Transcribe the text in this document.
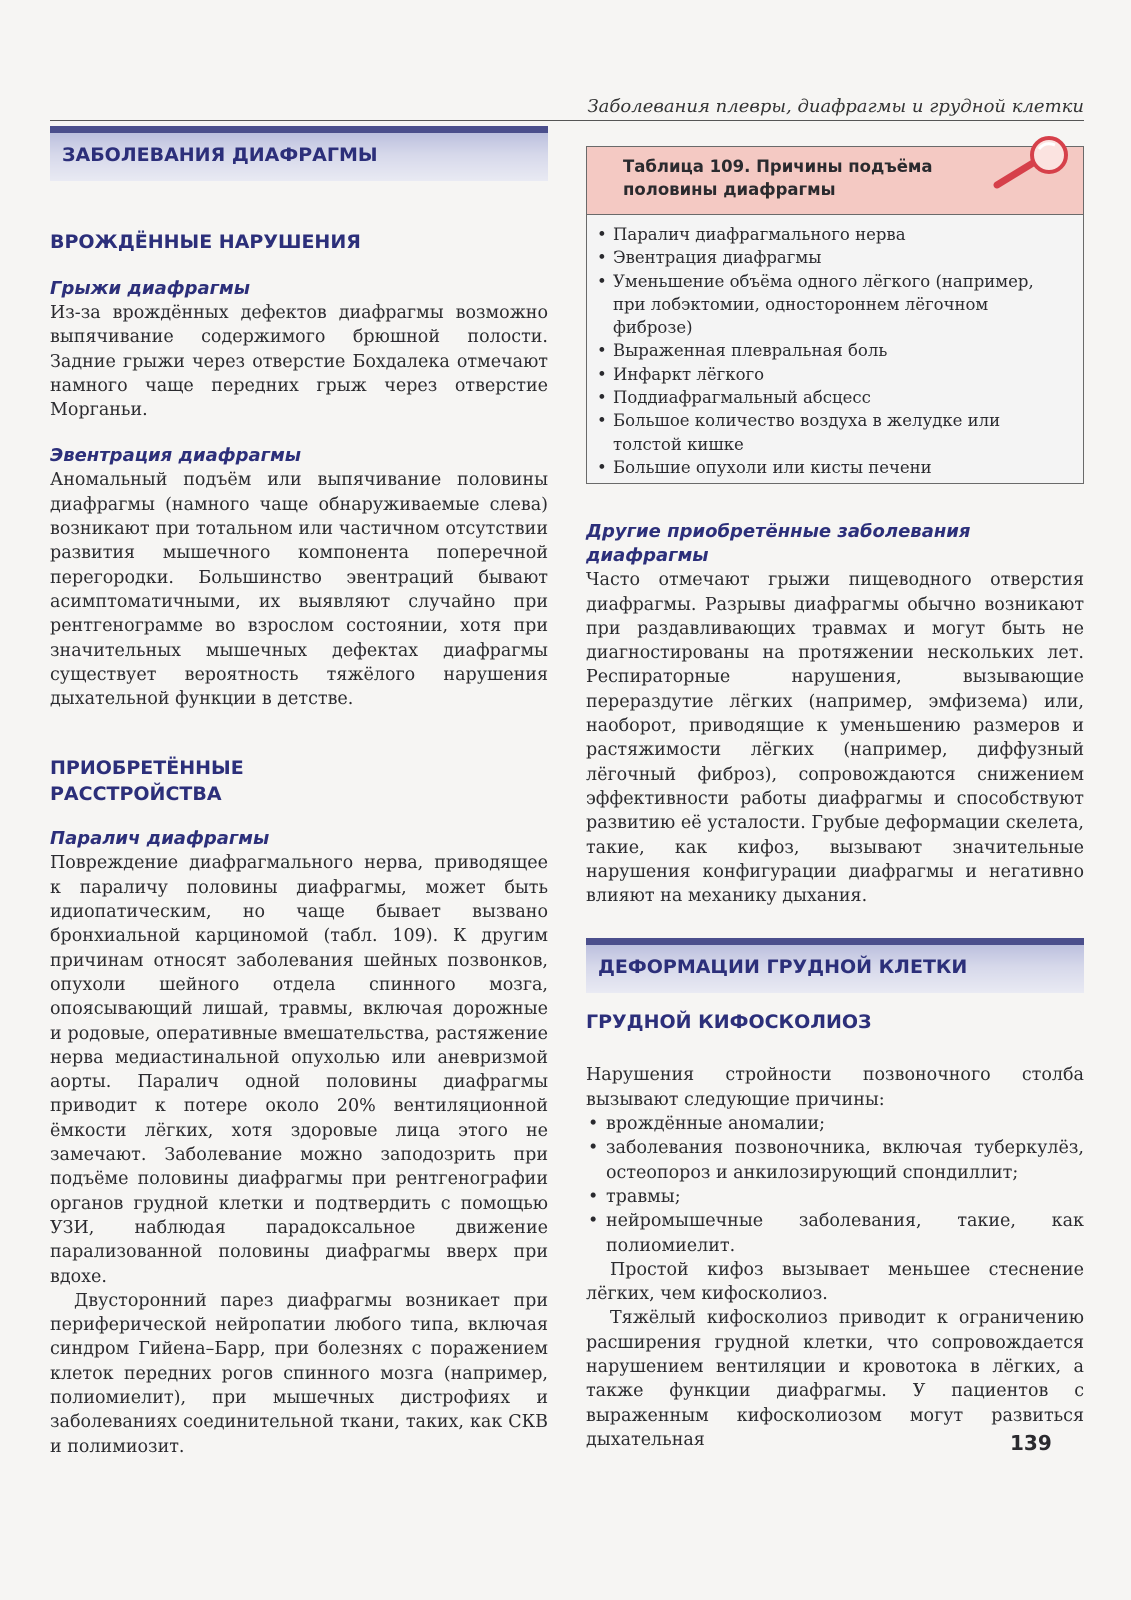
Заболевания плевры, диафрагмы и грудной клетки
ЗАБОЛЕВАНИЯ ДИАФРАГМЫ
ВРОЖДЁННЫЕ НАРУШЕНИЯ
Грыжи диафрагмы

Из-за врождённых дефектов диафрагмы возможно выпячивание содержимого брюшной полости. Задние грыжи через отверстие Бохдалека отмечают намного чаще передних грыж через отверстие Морганьи.

Эвентрация диафрагмы

Аномальный подъём или выпячивание половины диафрагмы (намного чаще обнаруживаемые слева) возникают при тотальном или частичном отсутствии развития мышечного компонента поперечной перегородки. Большинство эвентраций бывают асимптоматичными, их выявляют случайно при рентгенограмме во взрослом состоянии, хотя при значительных мышечных дефектах диафрагмы существует вероятность тяжёлого нарушения дыхательной функции в детстве.

ПРИОБРЕТЁННЫЕ РАССТРОЙСТВА
Паралич диафрагмы

Повреждение диафрагмального нерва, приводящее к параличу половины диафрагмы, может быть идиопатическим, но чаще бывает вызвано бронхиальной карциномой (табл. 109). К другим причинам относят заболевания шейных позвонков, опухоли шейного отдела спинного мозга, опоясывающий лишай, травмы, включая дорожные и родовые, оперативные вмешательства, растяжение нерва медиастинальной опухолью или аневризмой аорты. Паралич одной половины диафрагмы приводит к потере около 20% вентиляционной ёмкости лёгких, хотя здоровые лица этого не замечают. Заболевание можно заподозрить при подъёме половины диафрагмы при рентгенографии органов грудной клетки и подтвердить с помощью УЗИ, наблюдая парадоксальное движение парализованной половины диафрагмы вверх при вдохе.

Двусторонний парез диафрагмы возникает при периферической нейропатии любого типа, включая синдром Гийена–Барр, при болезнях с поражением клеток передних рогов спинного мозга (например, полиомиелит), при мышечных дистрофиях и заболеваниях соединительной ткани, таких, как СКВ и полимиозит.

Таблица 109. Причины подъёма половины диафрагмы
• Паралич диафрагмального нерва
• Эвентрация диафрагмы
• Уменьшение объёма одного лёгкого (например, при лобэктомии, одностороннем лёгочном фиброзе)
• Выраженная плевральная боль
• Инфаркт лёгкого
• Поддиафрагмальный абсцесс
• Большое количество воздуха в желудке или толстой кишке
• Большие опухоли или кисты печени
Другие приобретённые заболевания диафрагмы

Часто отмечают грыжи пищеводного отверстия диафрагмы. Разрывы диафрагмы обычно возникают при раздавливающих травмах и могут быть не диагностированы на протяжении нескольких лет. Респираторные нарушения, вызывающие перераздутие лёгких (например, эмфизема) или, наоборот, приводящие к уменьшению размеров и растяжимости лёгких (например, диффузный лёгочный фиброз), сопровождаются снижением эффективности работы диафрагмы и способствуют развитию её усталости. Грубые деформации скелета, такие, как кифоз, вызывают значительные нарушения конфигурации диафрагмы и негативно влияют на механику дыхания.

ДЕФОРМАЦИИ ГРУДНОЙ КЛЕТКИ
ГРУДНОЙ КИФОСКОЛИОЗ

Нарушения стройности позвоночного столба вызывают следующие причины:

• врождённые аномалии;
• заболевания позвоночника, включая туберкулёз, остеопороз и анкилозирующий спондиллит;
• травмы;
• нейромышечные заболевания, такие, как полиомиелит.

Простой кифоз вызывает меньшее стеснение лёгких, чем кифосколиоз.

Тяжёлый кифосколиоз приводит к ограничению расширения грудной клетки, что сопровождается нарушением вентиляции и кровотока в лёгких, а также функции диафрагмы. У пациентов с выраженным кифосколиозом могут развиться дыхательная	139
